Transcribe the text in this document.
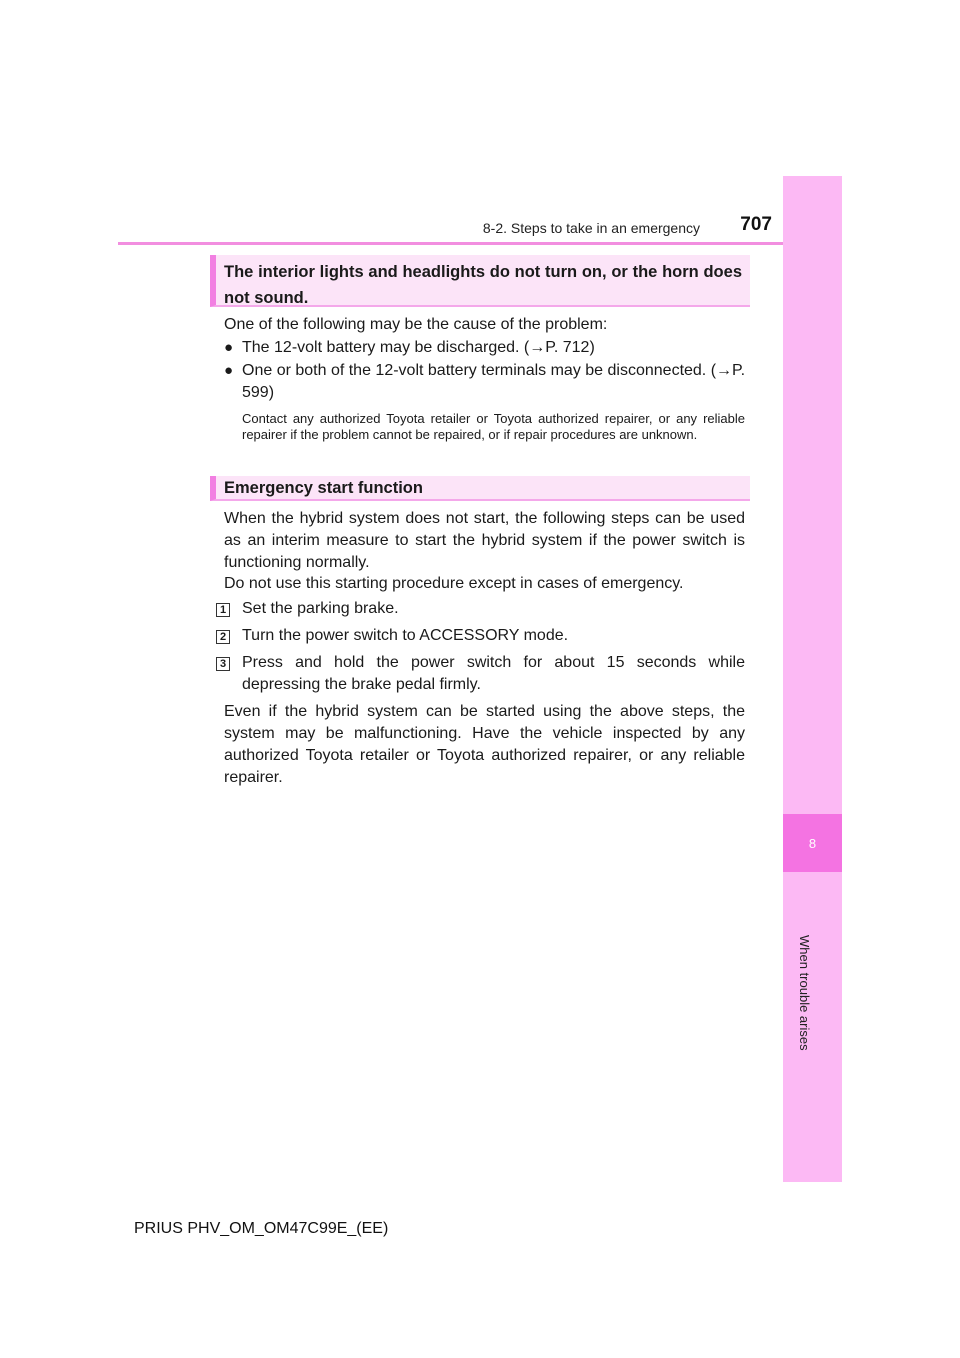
8-2. Steps to take in an emergency	707
8
When trouble arises
The interior lights and headlights do not turn on, or the horn does not sound.
One of the following may be the cause of the problem:
● The 12-volt battery may be discharged. (→P. 712)
● One or both of the 12-volt battery terminals may be disconnected. (→P. 599)
Contact any authorized Toyota retailer or Toyota authorized repairer, or any reliable repairer if the problem cannot be repaired, or if repair procedures are unknown.
Emergency start function
When the hybrid system does not start, the following steps can be used as an interim measure to start the hybrid system if the power switch is functioning normally.
Do not use this starting procedure except in cases of emergency.
1 Set the parking brake.
2 Turn the power switch to ACCESSORY mode.
3 Press and hold the power switch for about 15 seconds while depressing the brake pedal firmly.
Even if the hybrid system can be started using the above steps, the system may be malfunctioning. Have the vehicle inspected by any authorized Toyota retailer or Toyota authorized repairer, or any reliable repairer.
PRIUS PHV_OM_OM47C99E_(EE)
